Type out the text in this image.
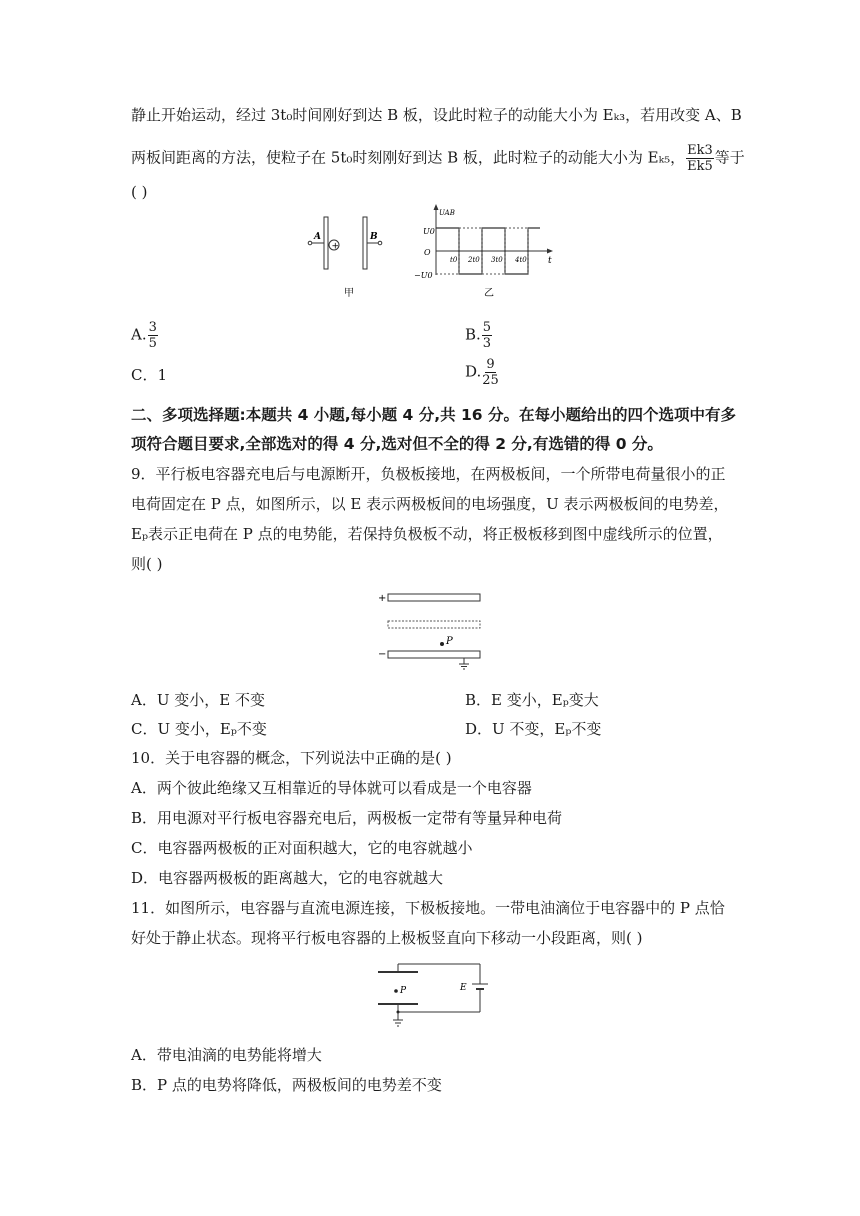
静止开始运动，经过 3t₀时间刚好到达 B 板，设此时粒子的动能大小为 Eₖ₃，若用改变 A、B
两板间距离的方法，使粒子在 5t₀时刻刚好到达 B 板，此时粒子的动能大小为 Eₖ₅， $\frac{Ek3}{Ek5}$ 等于
( )
A
+
B
甲
UAB
t
U0
O
−U0
t0 2t0 3t0 4t0
乙
A. $\frac{3}{5}$	B. $\frac{5}{3}$
C．1	D. $\frac{9}{25}$
二、多项选择题:本题共 4 小题,每小题 4 分,共 16 分。在每小题给出的四个选项中有多
项符合题目要求,全部选对的得 4 分,选对但不全的得 2 分,有选错的得 0 分。
9．平行板电容器充电后与电源断开，负极板接地，在两极板间，一个所带电荷量很小的正
电荷固定在 P 点，如图所示，以 E 表示两极板间的电场强度，U 表示两极板间的电势差，
Eₚ表示正电荷在 P 点的电势能，若保持负极板不动，将正极板移到图中虚线所示的位置，
则( )
+
P
−
A．U 变小，E 不变	B．E 变小，Eₚ变大
C．U 变小，Eₚ不变	D．U 不变，Eₚ不变
10．关于电容器的概念，下列说法中正确的是( )
A．两个彼此绝缘又互相靠近的导体就可以看成是一个电容器
B．用电源对平行板电容器充电后，两极板一定带有等量异种电荷
C．电容器两极板的正对面积越大，它的电容就越小
D．电容器两极板的距离越大，它的电容就越大
11．如图所示，电容器与直流电源连接，下极板接地。一带电油滴位于电容器中的 P 点恰
好处于静止状态。现将平行板电容器的上极板竖直向下移动一小段距离，则( )
P	E
A．带电油滴的电势能将增大
B．P 点的电势将降低，两极板间的电势差不变
